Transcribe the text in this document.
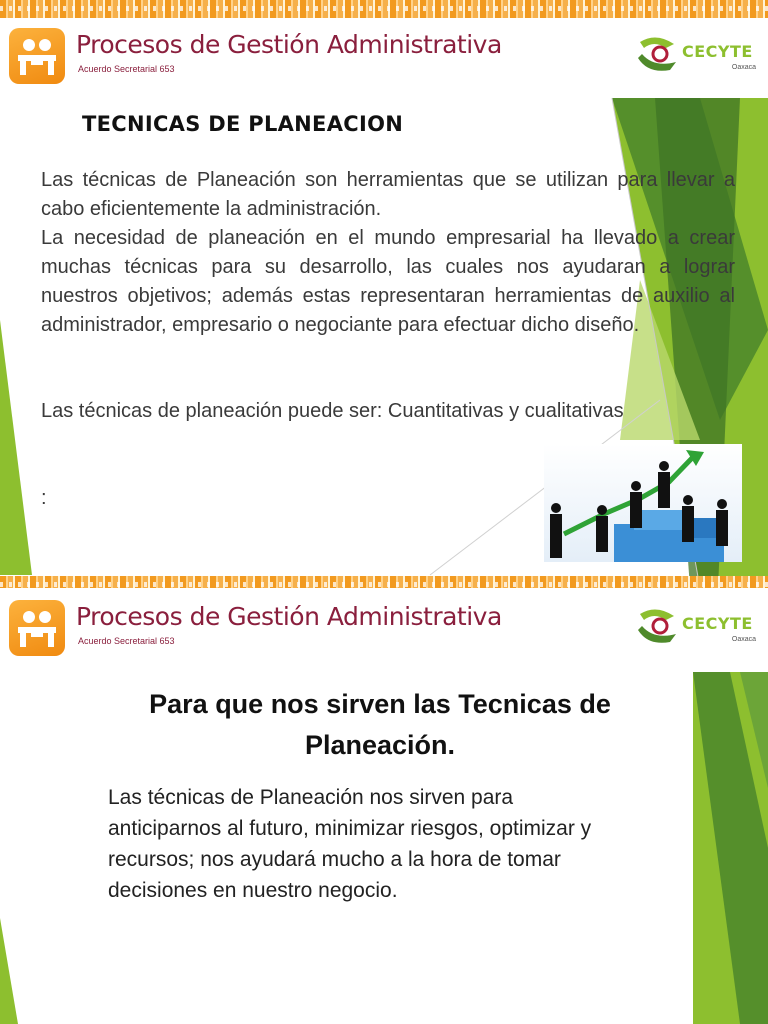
Procesos de Gestión Administrativa
Acuerdo Secretarial 653
CECYTE
Oaxaca
TECNICAS DE PLANEACION

Las técnicas de Planeación son herramientas que se utilizan para llevar a cabo eficientemente la administración.

La necesidad de planeación en el mundo empresarial ha llevado a crear muchas técnicas para su desarrollo, las cuales nos ayudaran a lograr nuestros objetivos; además estas representaran herramientas de auxilio al administrador, empresario o negociante para efectuar dicho diseño.

Las técnicas de planeación puede ser: Cuantitativas y cualitativas

:

Procesos de Gestión Administrativa
Acuerdo Secretarial 653
CECYTE
Oaxaca
Para que nos sirven las Tecnicas de Planeación.

Las técnicas de Planeación nos sirven para anticiparnos al futuro, minimizar riesgos, optimizar y recursos; nos ayudará mucho a la hora de tomar decisiones en nuestro negocio.
